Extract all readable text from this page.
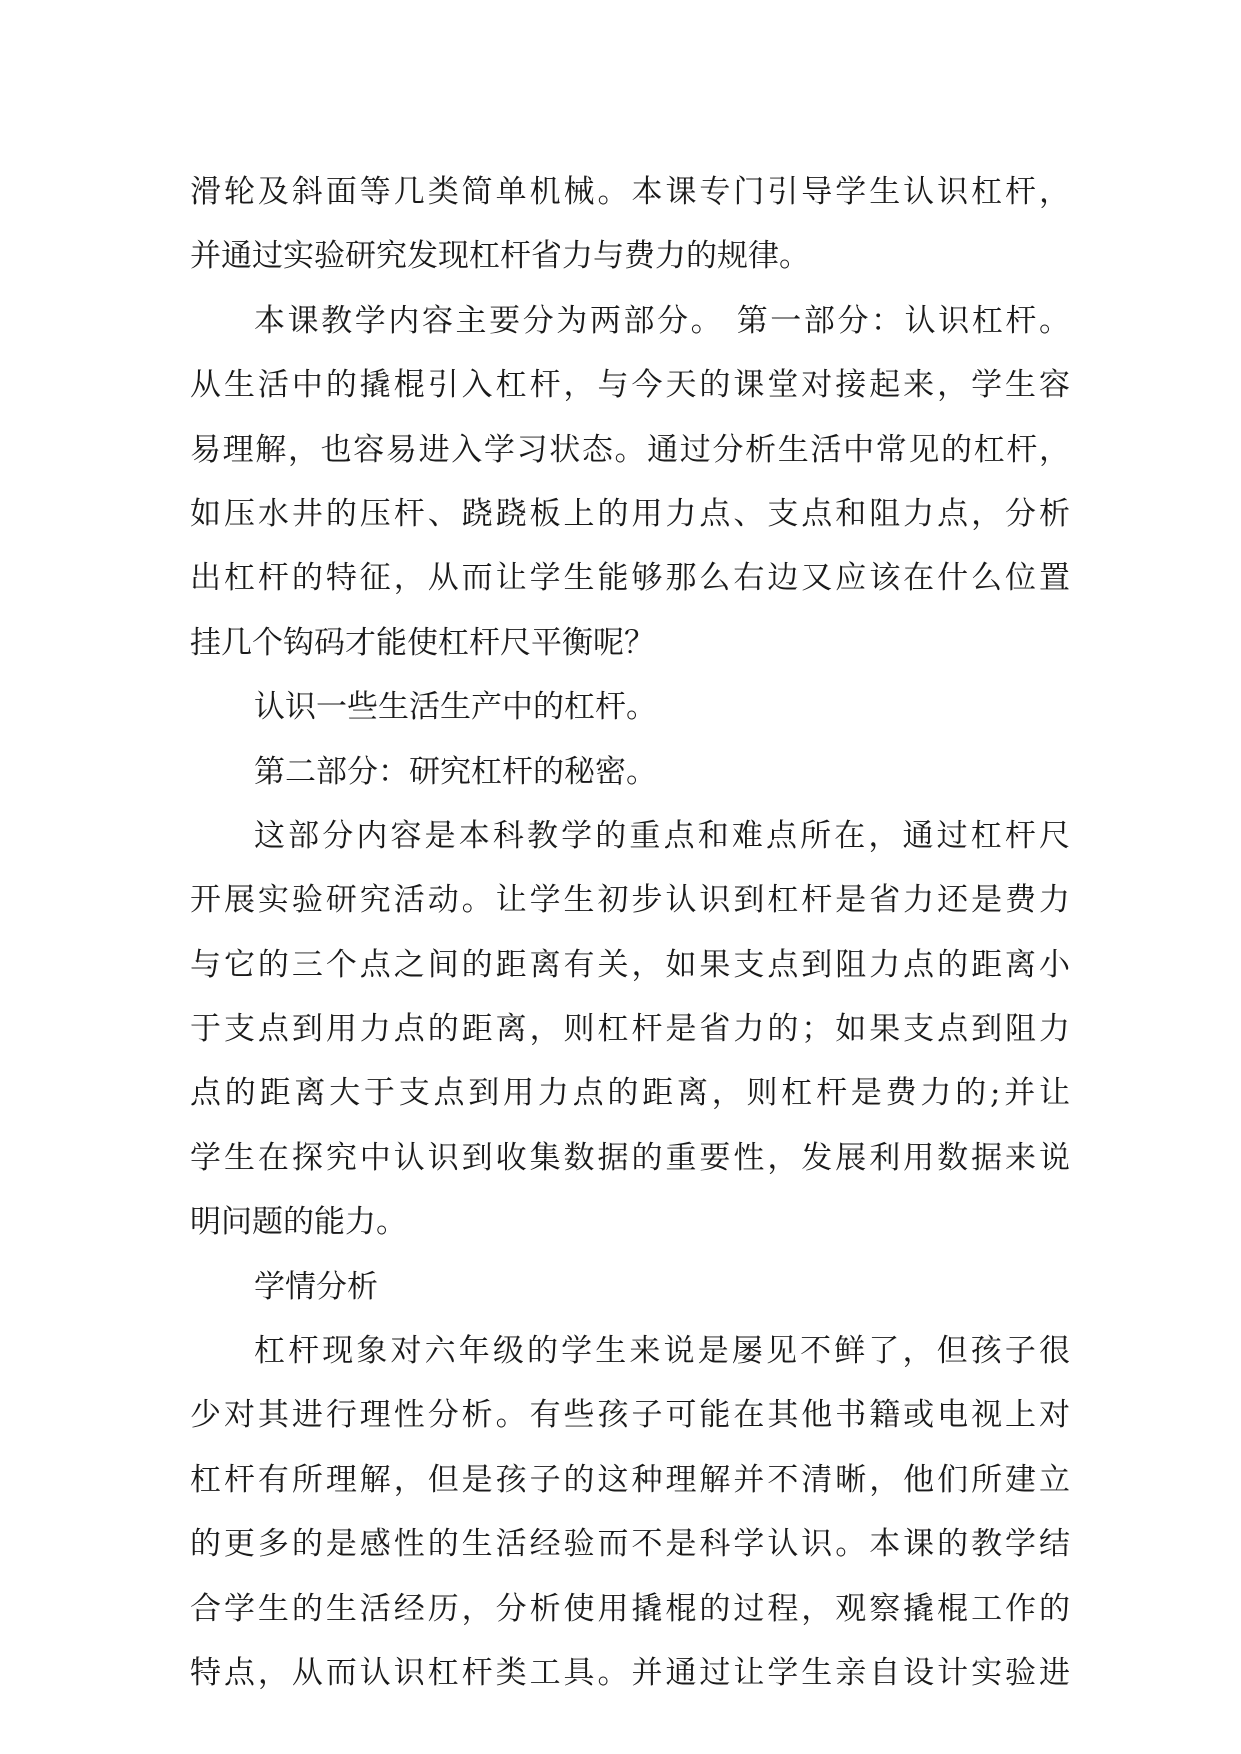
滑轮及斜面等几类简单机械。本课专门引导学生认识杠杆，
并通过实验研究发现杠杆省力与费力的规律。
本课教学内容主要分为两部分。 第一部分：认识杠杆。
从生活中的撬棍引入杠杆，与今天的课堂对接起来，学生容
易理解，也容易进入学习状态。通过分析生活中常见的杠杆，
如压水井的压杆、跷跷板上的用力点、支点和阻力点，分析
出杠杆的特征，从而让学生能够那么右边又应该在什么位置
挂几个钩码才能使杠杆尺平衡呢？
认识一些生活生产中的杠杆。
第二部分：研究杠杆的秘密。
这部分内容是本科教学的重点和难点所在，通过杠杆尺
开展实验研究活动。让学生初步认识到杠杆是省力还是费力
与它的三个点之间的距离有关，如果支点到阻力点的距离小
于支点到用力点的距离，则杠杆是省力的；如果支点到阻力
点的距离大于支点到用力点的距离，则杠杆是费力的;并让
学生在探究中认识到收集数据的重要性，发展利用数据来说
明问题的能力。
学情分析
杠杆现象对六年级的学生来说是屡见不鲜了，但孩子很
少对其进行理性分析。有些孩子可能在其他书籍或电视上对
杠杆有所理解，但是孩子的这种理解并不清晰，他们所建立
的更多的是感性的生活经验而不是科学认识。本课的教学结
合学生的生活经历，分析使用撬棍的过程，观察撬棍工作的
特点，从而认识杠杆类工具。并通过让学生亲自设计实验进
